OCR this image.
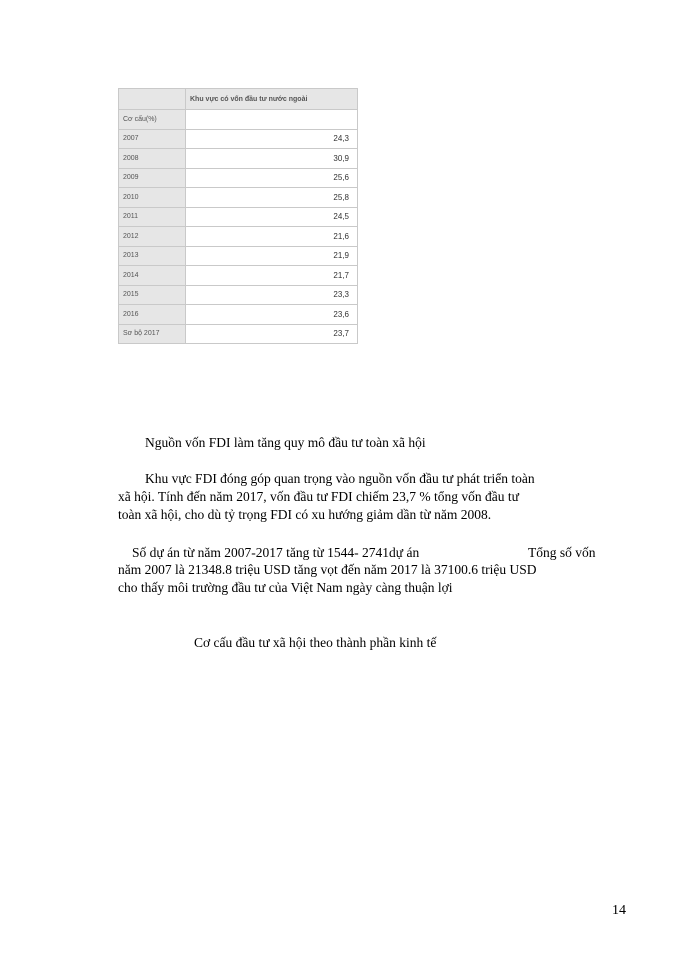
	Khu vực có vốn đầu tư nước ngoài
Cơ cấu(%)	
2007	24,3
2008	30,9
2009	25,6
2010	25,8
2011	24,5
2012	21,6
2013	21,9
2014	21,7
2015	23,3
2016	23,6
Sơ bộ 2017	23,7

Nguồn vốn FDI làm tăng quy mô đầu tư toàn xã hội

Khu vực FDI đóng góp quan trọng vào nguồn vốn đầu tư phát triển toàn

xã hội. Tính đến năm 2017, vốn đầu tư FDI chiếm 23,7 % tổng vốn đầu tư

toàn xã hội, cho dù tỷ trọng FDI có xu hướng giảm dần từ năm 2008.

Số dự án từ năm 2007-2017 tăng từ 1544- 2741dự án	Tổng số vốn

năm 2007 là 21348.8 triệu USD tăng vọt đến năm 2017 là 37100.6 triệu USD

cho thấy môi trường đầu tư của Việt Nam ngày càng thuận lợi

Cơ cấu đầu tư xã hội theo thành phần kinh tế

14
